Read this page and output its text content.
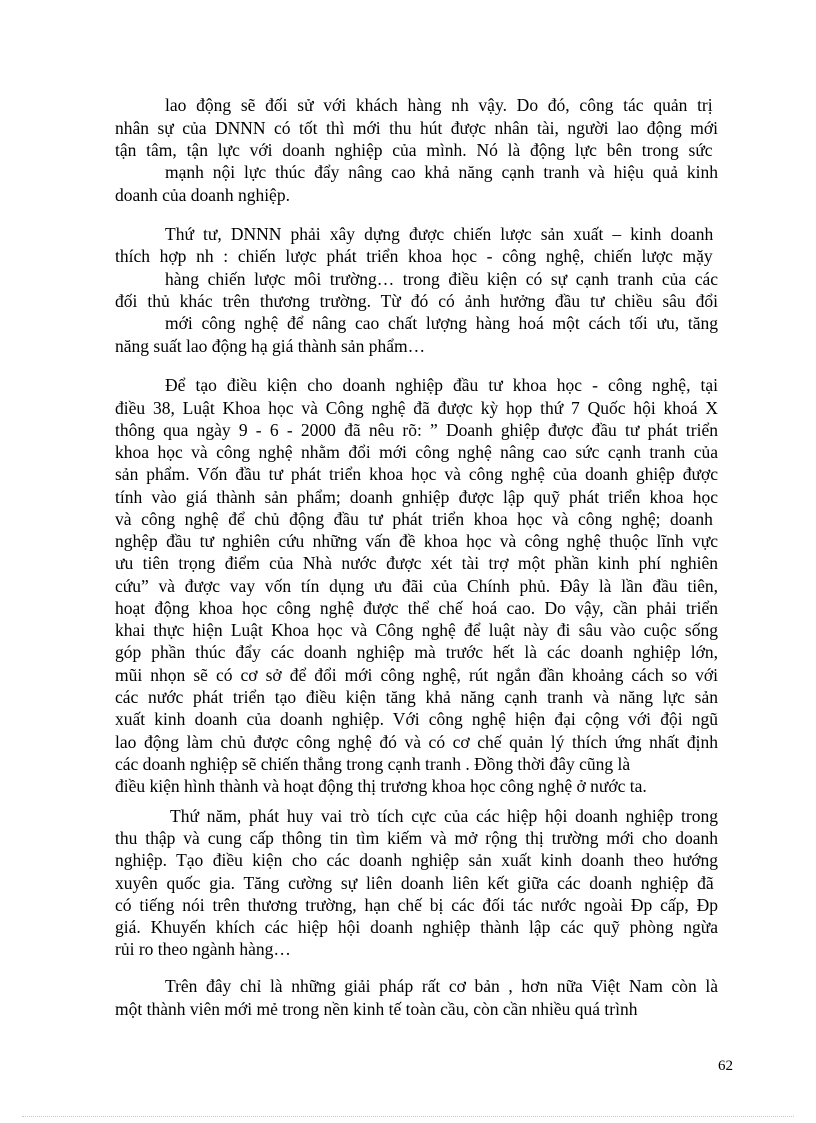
lao động sẽ đối sử với khách hàng nh vậy. Do đó, công tác quản trị

nhân sự của DNNN có tốt thì mới thu hút được nhân tài, người lao động mới

tận tâm, tận lực với doanh nghiệp của mình. Nó là động lực bên trong sức

mạnh nội lực thúc đẩy nâng cao khả năng cạnh tranh và hiệu quả kinh

doanh của doanh nghiệp.

Thứ tư, DNNN phải xây dựng được chiến lược sản xuất – kinh doanh

thích hợp nh : chiến lược phát triển khoa học - công nghệ, chiến lược mặy

hàng chiến lược môi trường… trong điều kiện có sự cạnh tranh của các

đối thủ khác trên thương trường. Từ đó có ảnh hưởng đầu tư chiều sâu đổi

mới công nghệ để nâng cao chất lượng hàng hoá một cách tối ưu, tăng

năng suất lao động hạ giá thành sản phẩm…

Để tạo điều kiện cho doanh nghiệp đầu tư khoa học - công nghệ, tại

điều 38, Luật Khoa học và Công nghệ đã được kỳ họp thứ 7 Quốc hội khoá X

thông qua ngày 9 - 6 - 2000 đã nêu rõ: ” Doanh ghiệp được đầu tư phát triển

khoa học và công nghệ nhằm đổi mới công nghệ nâng cao sức cạnh tranh của

sản phẩm. Vốn đầu tư phát triển khoa học và công nghệ của doanh ghiệp được

tính vào giá thành sản phẩm; doanh gnhiệp được lập quỹ phát triển khoa học

và công nghệ để chủ động đầu tư phát triển khoa học và công nghệ; doanh

nghệp đầu tư nghiên cứu những vấn đề khoa học và công nghệ thuộc lĩnh vực

ưu tiên trọng điểm của Nhà nước được xét tài trợ một phần kinh phí nghiên

cứu” và được vay vốn tín dụng ưu đãi của Chính phủ. Đây là lần đầu tiên,

hoạt động khoa học công nghệ được thể chế hoá cao. Do vậy, cần phải triển

khai thực hiện Luật Khoa học và Công nghệ để luật này đi sâu vào cuộc sống

góp phần thúc đẩy các doanh nghiệp mà trước hết là các doanh nghiệp lớn,

mũi nhọn sẽ có cơ sở để đổi mới công nghệ, rút ngắn đần khoảng cách so với

các nước phát triển tạo điều kiện tăng khả năng cạnh tranh và năng lực sản

xuất kinh doanh của doanh nghiệp. Với công nghệ hiện đại cộng với đội ngũ

lao động làm chủ được công nghệ đó và có cơ chế quản lý thích ứng nhất định

các doanh nghiệp sẽ chiến thắng trong cạnh tranh . Đồng thời đây cũng là

điều kiện hình thành và hoạt động thị trương khoa học công nghệ ở nước ta.

Thứ năm, phát huy vai trò tích cực của các hiệp hội doanh nghiệp trong

thu thập và cung cấp thông tin tìm kiếm và mở rộng thị trường mới cho doanh

nghiệp. Tạo điều kiện cho các doanh nghiệp sản xuất kinh doanh theo hướng

xuyên quốc gia. Tăng cường sự liên doanh liên kết giữa các doanh nghiệp đã

có tiếng nói trên thương trường, hạn chế bị các đối tác nước ngoài Đp cấp, Đp

giá. Khuyến khích các hiệp hội doanh nghiệp thành lập các quỹ phòng ngừa

rủi ro theo ngành hàng…

Trên đây chỉ là những giải pháp rất cơ bản , hơn nữa Việt Nam còn là

một thành viên mới mẻ trong nền kinh tế toàn cầu, còn cần nhiều quá trình

62
